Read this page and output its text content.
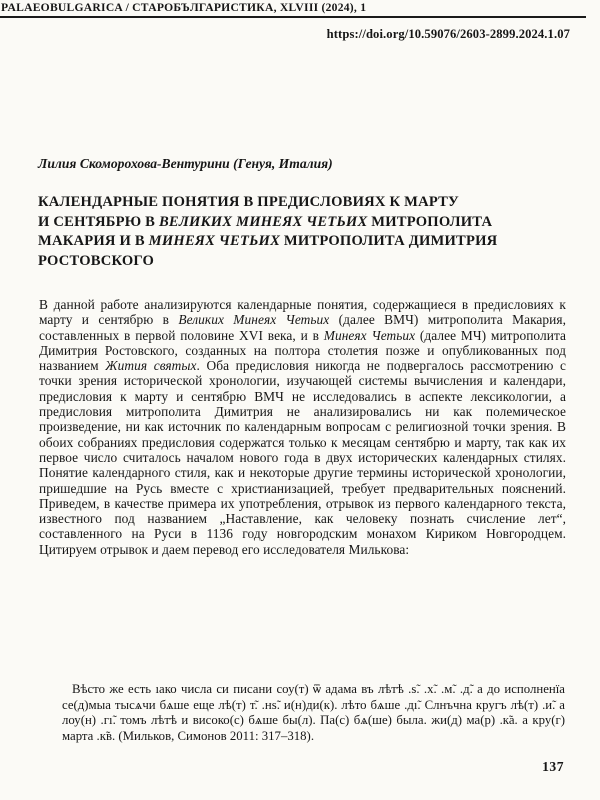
PALAEOBULGARICA / СТАРОБЪЛГАРИСТИКА, XLVIII (2024), 1
https://doi.org/10.59076/2603-2899.2024.1.07
Лилия Скоморохова-Вентурини (Генуя, Италия)
КАЛЕНДАРНЫЕ ПОНЯТИЯ В ПРЕДИСЛОВИЯХ К МАРТУ
И СЕНТЯБРЮ В ВЕЛИКИХ МИНЕЯХ ЧЕТЬИХ МИТРОПОЛИТА
МАКАРИЯ И В МИНЕЯХ ЧЕТЬИХ МИТРОПОЛИТА ДИМИТРИЯ
РОСТОВСКОГО
В данной работе анализируются календарные понятия, содержащиеся в предисловиях к марту и сентябрю в Великих Минеях Четьих (далее ВМЧ) митрополита Макария, составленных в первой половине XVI века, и в Минеях Четьих (далее МЧ) митрополита Димитрия Ростовского, созданных на полтора столетия позже и опубликованных под названием Жития святых. Оба предисловия никогда не подвергалось рассмотрению с точки зрения исторической хронологии, изучающей системы вычисления и календари, предисловия к марту и сентябрю ВМЧ не исследовались в аспекте лексикологии, а предисловия митрополита Димитрия не анализировались ни как полемическое произведение, ни как источник по календарным вопросам с религиозной точки зрения. В обоих собраниях предисловия содержатся только к месяцам сентябрю и марту, так как их первое число считалось началом нового года в двух исторических календарных стилях. Понятие календарного стиля, как и некоторые другие термины исторической хронологии, пришедшие на Русь вместе с христианизацией, требует предварительных пояснений. Приведем, в качестве примера их употребления, отрывок из первого календарного текста, известного под названием „Наставление, как человеку познать счисление лет“, составленного на Руси в 1136 году новгородским монахом Кириком Новгородцем. Цитируем отрывок и даем перевод его исследователя Милькова:
Вѣсто же есть ıако числа си писани соу(т) ѿ адама въ лѣтѣ .ѕ̃. .х̃. .м̃. .д̃. а до исполненїа се(д)мыа тысѧчи бѧше еще лѣ(т) т̃. .нѕ̃. и(н)ди(к). лѣто бѧше .дı̃. Слнъчна кругъ лѣ(т) .и̃. а лоу(н) .гı̃. томъ лѣтѣ и високо(с) бѧше бы(л). Па(с) бѧ(ше) была. жи(д) ма(р) .к̃а. а кру(г) марта .к̃в. (Мильков, Симонов 2011: 317–318).
137
